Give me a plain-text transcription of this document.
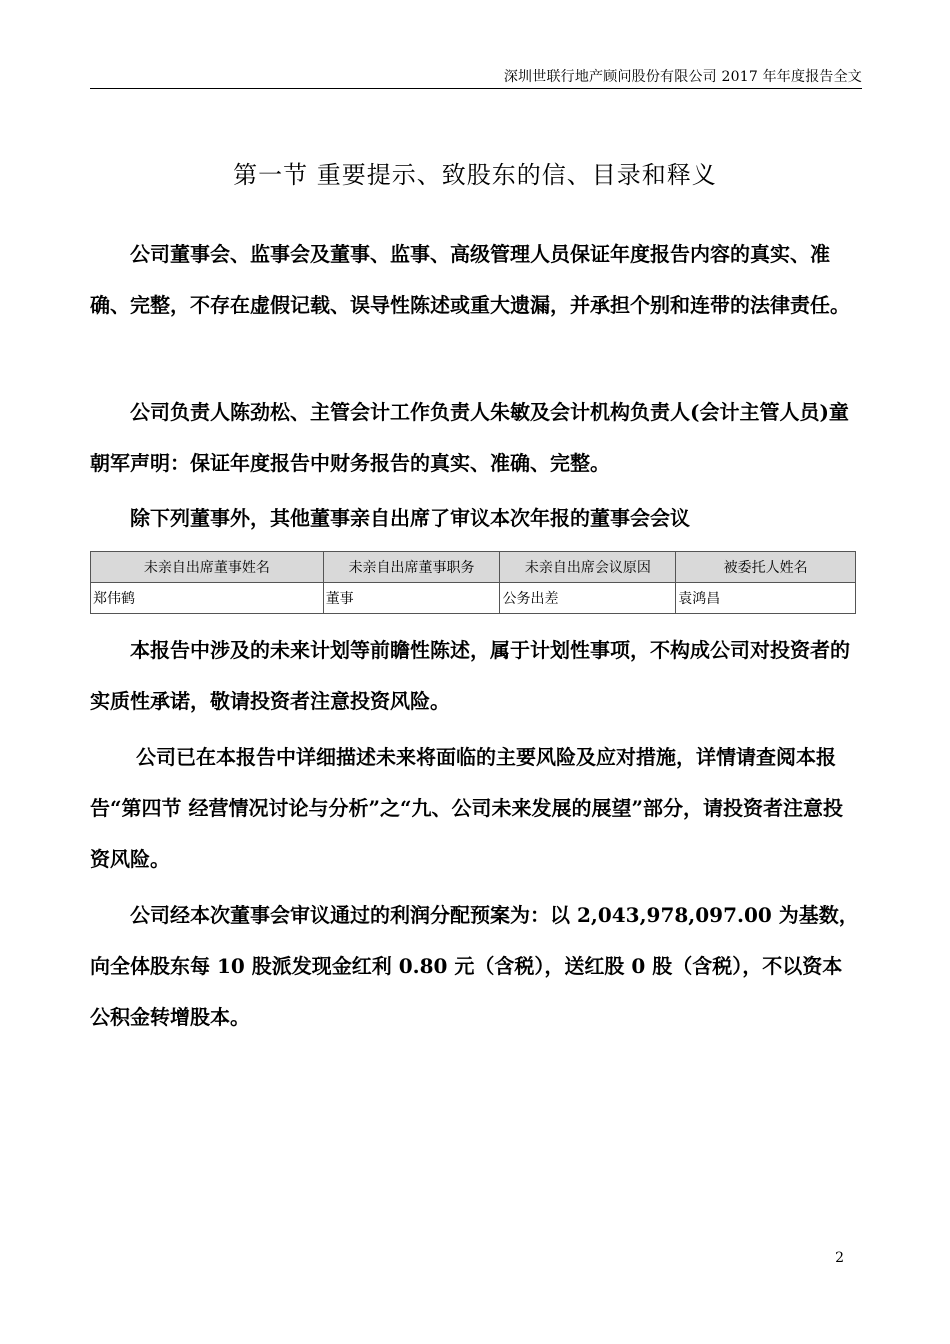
深圳世联行地产顾问股份有限公司 2017 年年度报告全文
第一节 重要提示、致股东的信、目录和释义

公司董事会、监事会及董事、监事、高级管理人员保证年度报告内容的真实、准确、完整，不存在虚假记载、误导性陈述或重大遗漏，并承担个别和连带的法律责任。

公司负责人陈劲松、主管会计工作负责人朱敏及会计机构负责人(会计主管人员)童朝军声明：保证年度报告中财务报告的真实、准确、完整。

除下列董事外，其他董事亲自出席了审议本次年报的董事会会议

未亲自出席董事姓名	未亲自出席董事职务	未亲自出席会议原因	被委托人姓名
郑伟鹤	董事	公务出差	袁鸿昌

本报告中涉及的未来计划等前瞻性陈述，属于计划性事项，不构成公司对投资者的实质性承诺，敬请投资者注意投资风险。

公司已在本报告中详细描述未来将面临的主要风险及应对措施，详情请查阅本报告“第四节 经营情况讨论与分析”之“九、公司未来发展的展望”部分，请投资者注意投资风险。

公司经本次董事会审议通过的利润分配预案为：以 2,043,978,097.00 为基数，向全体股东每 10 股派发现金红利 0.80 元（含税），送红股 0 股（含税），不以资本公积金转增股本。

2
